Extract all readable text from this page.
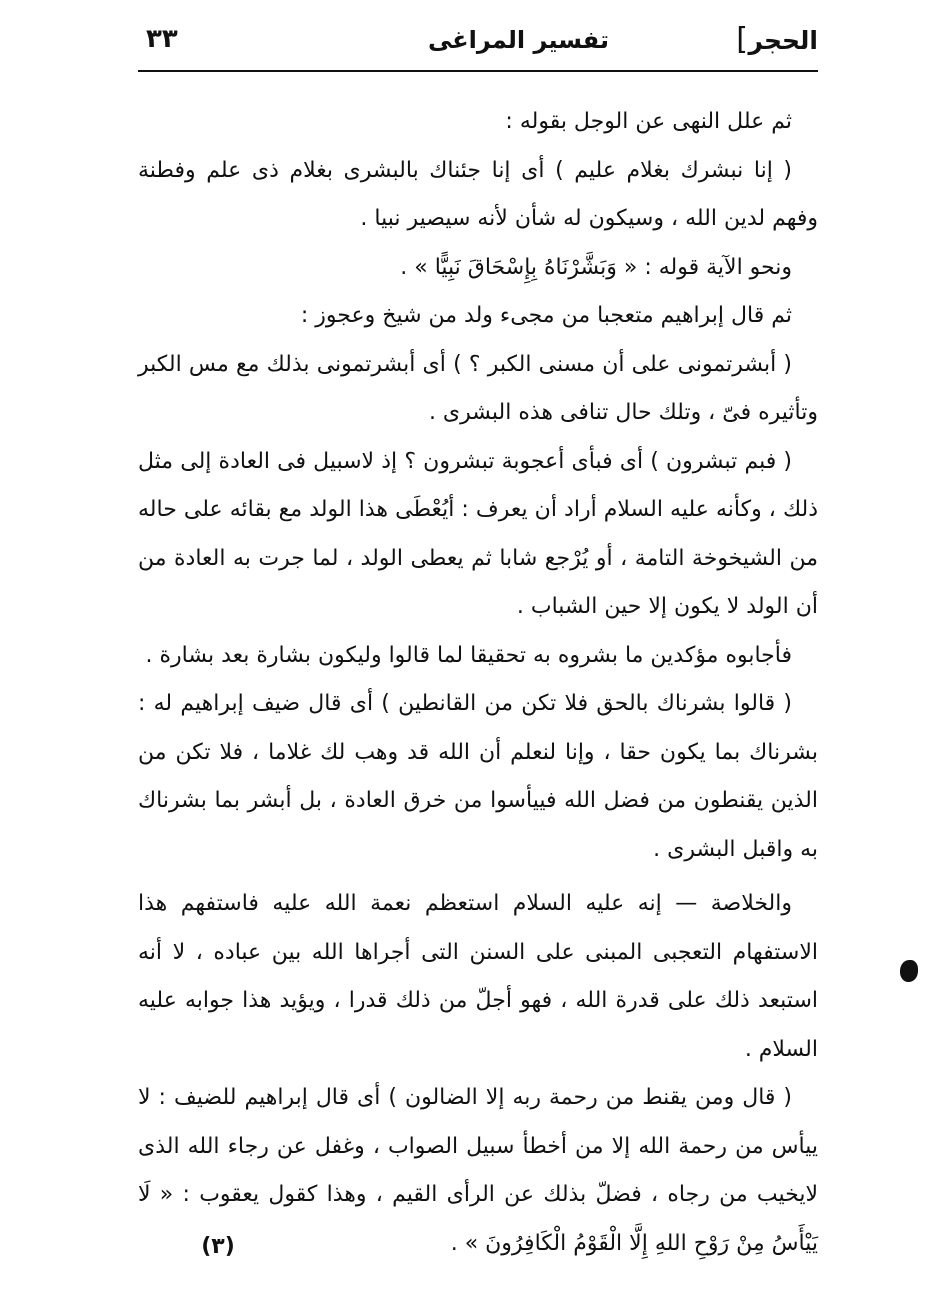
الحجر
]
تفسير المراغى
٣٣

ثم علل النهى عن الوجل بقوله :

( إنا نبشرك بغلام عليم ) أى إنا جئناك بالبشرى بغلام ذى علم وفطنة وفهم لدين الله ، وسيكون له شأن لأنه سيصير نبيا .

ونحو الآية قوله : « وَبَشَّرْنَاهُ بِإِسْحَاقَ نَبِيًّا » .

ثم قال إبراهيم متعجبا من مجىء ولد من شيخ وعجوز :

( أبشرتمونى على أن مسنى الكبر ؟ ) أى أبشرتمونى بذلك مع مس الكبر وتأثيره فىّ ، وتلك حال تنافى هذه البشرى .

( فبم تبشرون ) أى فبأى أعجوبة تبشرون ؟ إذ لاسبيل فى العادة إلى مثل ذلك ، وكأنه عليه السلام أراد أن يعرف : أيُعْطَى هذا الولد مع بقائه على حاله من الشيخوخة التامة ، أو يُرْجع شابا ثم يعطى الولد ، لما جرت به العادة من أن الولد لا يكون إلا حين الشباب .

فأجابوه مؤكدين ما بشروه به تحقيقا لما قالوا وليكون بشارة بعد بشارة .

( قالوا بشرناك بالحق فلا تكن من القانطين ) أى قال ضيف إبراهيم له : بشرناك بما يكون حقا ، وإنا لنعلم أن الله قد وهب لك غلاما ، فلا تكن من الذين يقنطون من فضل الله فييأسوا من خرق العادة ، بل أبشر بما بشرناك به واقبل البشرى .

والخلاصة — إنه عليه السلام استعظم نعمة الله عليه فاستفهم هذا الاستفهام التعجبى المبنى على السنن التى أجراها الله بين عباده ، لا أنه استبعد ذلك على قدرة الله ، فهو أجلّ من ذلك قدرا ، ويؤيد هذا جوابه عليه السلام .

( قال ومن يقنط من رحمة ربه إلا الضالون ) أى قال إبراهيم للضيف : لا ييأس من رحمة الله إلا من أخطأ سبيل الصواب ، وغفل عن رجاء الله الذى لايخيب من رجاه ، فضلّ بذلك عن الرأى القيم ، وهذا كقول يعقوب : « لَا يَيْأَسُ مِنْ رَوْحِ اللهِ إِلَّا الْقَوْمُ الْكَافِرُونَ » .

(٣)
